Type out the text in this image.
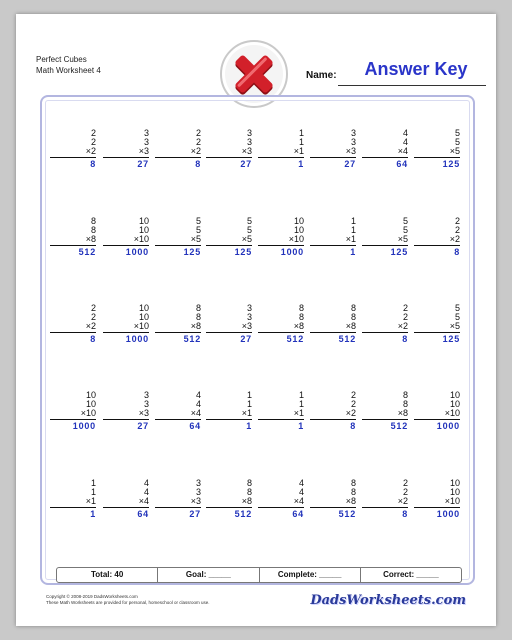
Perfect Cubes
Math Worksheet 4	Name:	Answer Key
2
2
×2
8
3
3
×3
27
2
2
×2
8
3
3
×3
27
1
1
×1
1
3
3
×3
27
4
4
×4
64
5
5
×5
125
8
8
×8
512
10
10
×10
1000
5
5
×5
125
5
5
×5
125
10
10
×10
1000
1
1
×1
1
5
5
×5
125
2
2
×2
8
2
2
×2
8
10
10
×10
1000
8
8
×8
512
3
3
×3
27
8
8
×8
512
8
8
×8
512
2
2
×2
8
5
5
×5
125
10
10
×10
1000
3
3
×3
27
4
4
×4
64
1
1
×1
1
1
1
×1
1
2
2
×2
8
8
8
×8
512
10
10
×10
1000
1
1
×1
1
4
4
×4
64
3
3
×3
27
8
8
×8
512
4
4
×4
64
8
8
×8
512
2
2
×2
8
10
10
×10
1000
Total: 40	Goal: _____	Complete: _____	Correct: _____
Copyright © 2008-2019 DadsWorksheets.com
These Math Worksheets are provided for personal, homeschool or classroom use.	DadsWorksheets.com
